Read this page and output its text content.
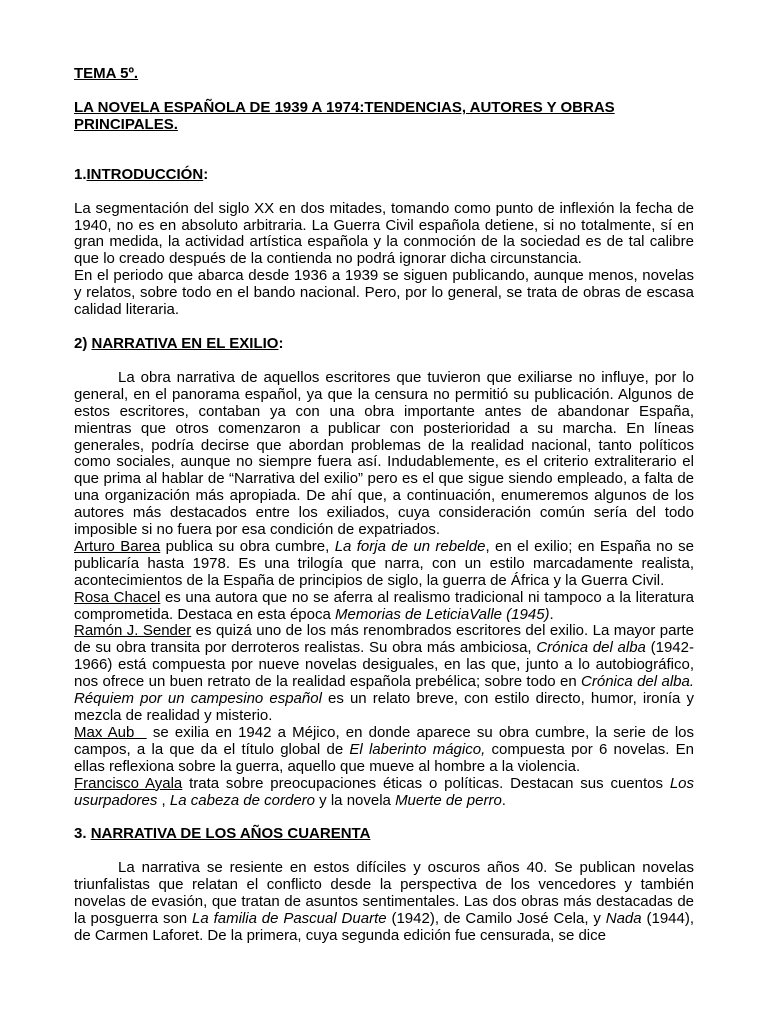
TEMA 5º.
LA NOVELA ESPAÑOLA DE 1939 A 1974:TENDENCIAS, AUTORES Y OBRAS PRINCIPALES.
1.INTRODUCCIÓN:

La segmentación del siglo XX en dos mitades, tomando como punto de inflexión la fecha de 1940, no es en absoluto arbitraria. La Guerra Civil española detiene, si no totalmente, sí en gran medida, la actividad artística española y la conmoción de la sociedad es de tal calibre que lo creado después de la contienda no podrá ignorar dicha circunstancia.

En el periodo que abarca desde 1936 a 1939 se siguen publicando, aunque menos, novelas y relatos, sobre todo en el bando nacional. Pero, por lo general, se trata de obras de escasa calidad literaria.

2) NARRATIVA EN EL EXILIO:

La obra narrativa de aquellos escritores que tuvieron que exiliarse no influye, por lo general, en el panorama español, ya que la censura no permitió su publicación. Algunos de estos escritores, contaban ya con una obra importante antes de abandonar España, mientras que otros comenzaron a publicar con posterioridad a su marcha. En líneas generales, podría decirse que abordan problemas de la realidad nacional, tanto políticos como sociales, aunque no siempre fuera así. Indudablemente, es el criterio extraliterario el que prima al hablar de “Narrativa del exilio” pero es el que sigue siendo empleado, a falta de una organización más apropiada. De ahí que, a continuación, enumeremos algunos de los autores más destacados entre los exiliados, cuya consideración común sería del todo imposible si no fuera por esa condición de expatriados.

Arturo Barea publica su obra cumbre, La forja de un rebelde, en el exilio; en España no se publicaría hasta 1978. Es una trilogía que narra, con un estilo marcadamente realista, acontecimientos de la España de principios de siglo, la guerra de África y la Guerra Civil.

Rosa Chacel es una autora que no se aferra al realismo tradicional ni tampoco a la literatura comprometida. Destaca en esta época Memorias de LeticiaValle (1945).

Ramón J. Sender es quizá uno de los más renombrados escritores del exilio. La mayor parte de su obra transita por derroteros realistas. Su obra más ambiciosa, Crónica del alba (1942- 1966) está compuesta por nueve novelas desiguales, en las que, junto a lo autobiográfico, nos ofrece un buen retrato de la realidad española prebélica; sobre todo en Crónica del alba. Réquiem por un campesino español es un relato breve, con estilo directo, humor, ironía y mezcla de realidad y misterio.

Max Aub   se exilia en 1942 a Méjico, en donde aparece su obra cumbre, la serie de los campos, a la que da el título global de El laberinto mágico, compuesta por 6 novelas. En ellas reflexiona sobre la guerra, aquello que mueve al hombre a la violencia.

Francisco Ayala trata sobre preocupaciones éticas o políticas. Destacan sus cuentos Los usurpadores , La cabeza de cordero y la novela Muerte de perro.

3. NARRATIVA DE LOS AÑOS CUARENTA

La narrativa se resiente en estos difíciles y oscuros años 40. Se publican novelas triunfalistas que relatan el conflicto desde la perspectiva de los vencedores y también novelas de evasión, que tratan de asuntos sentimentales. Las dos obras más destacadas de la posguerra son La familia de Pascual Duarte (1942), de Camilo José Cela, y Nada (1944), de Carmen Laforet. De la primera, cuya segunda edición fue censurada, se dice
